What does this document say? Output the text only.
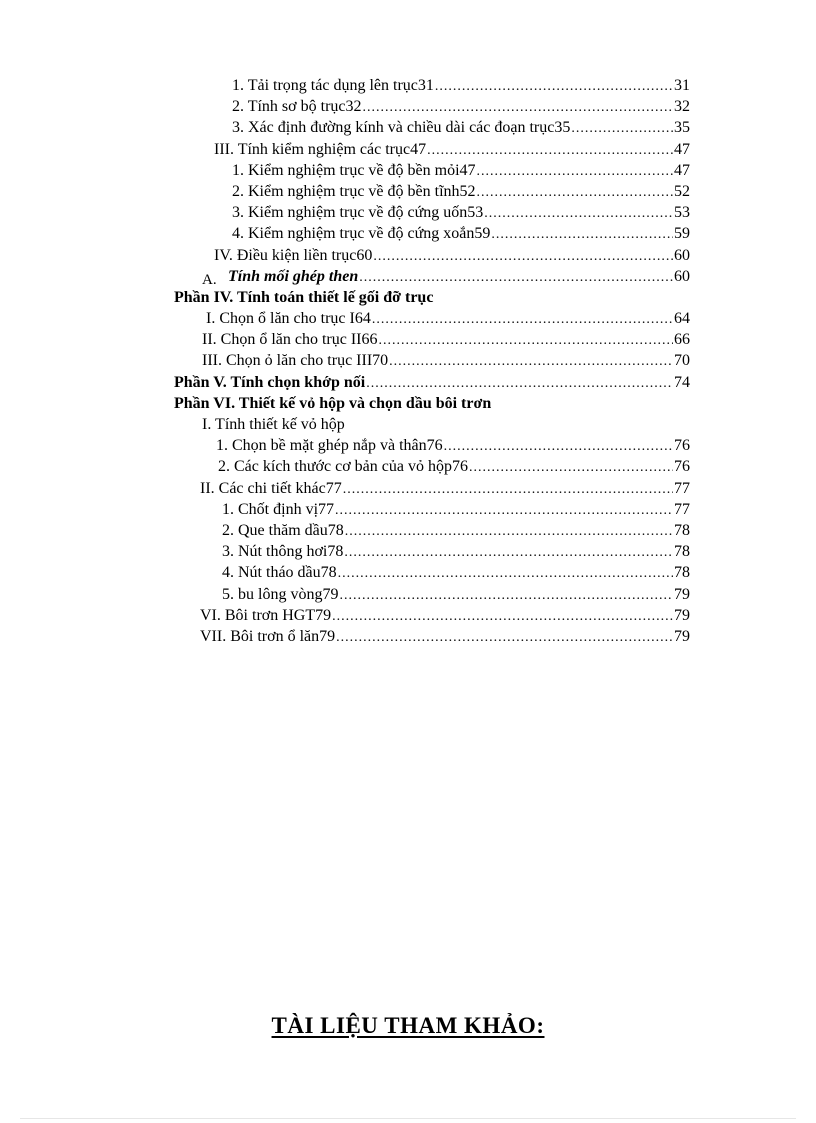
1. Tải trọng tác dụng lên trục31 .....	31
2. Tính sơ bộ trục32 .....	32
3. Xác định đường kính và chiều dài các đoạn trục35 .....	35
III. Tính kiểm nghiệm các trục47 .....	47
1. Kiểm nghiệm trục về độ bền mỏi47 .....	47
2. Kiểm nghiệm trục về độ bền tĩnh52 .....	52
3. Kiểm nghiệm trục về độ cứng uốn53 .....	53
4. Kiểm nghiệm trục về độ cứng xoắn59 .....	59
IV. Điều kiện liền trục60 .....	60
A. Tính mối ghép then .....	60
Phần IV. Tính toán thiết lế gối đỡ trục
I. Chọn ổ lăn cho trục I64 .....	64
II. Chọn ổ lăn cho trục II66 .....	66
III. Chọn ỏ lăn cho trục III70 .....	70
Phần V. Tính chọn khớp nối .....	74
Phần VI. Thiết kế vỏ hộp và chọn dầu bôi trơn
I. Tính thiết kế vỏ hộp
1. Chọn bề mặt ghép nắp và thân76 .....	76
2. Các kích thước cơ bản của vỏ hộp76 .....	76
II. Các chi tiết khác77 .....	77
1. Chốt định vị77 .....	77
2. Que thăm dầu78 .....	78
3. Nút thông hơi78 .....	78
4. Nút tháo dầu78 .....	78
5. bu lông vòng79 .....	79
VI. Bôi trơn HGT79 .....	79
VII. Bôi trơn ổ lăn79 .....	79
TÀI LIỆU THAM KHẢO:
